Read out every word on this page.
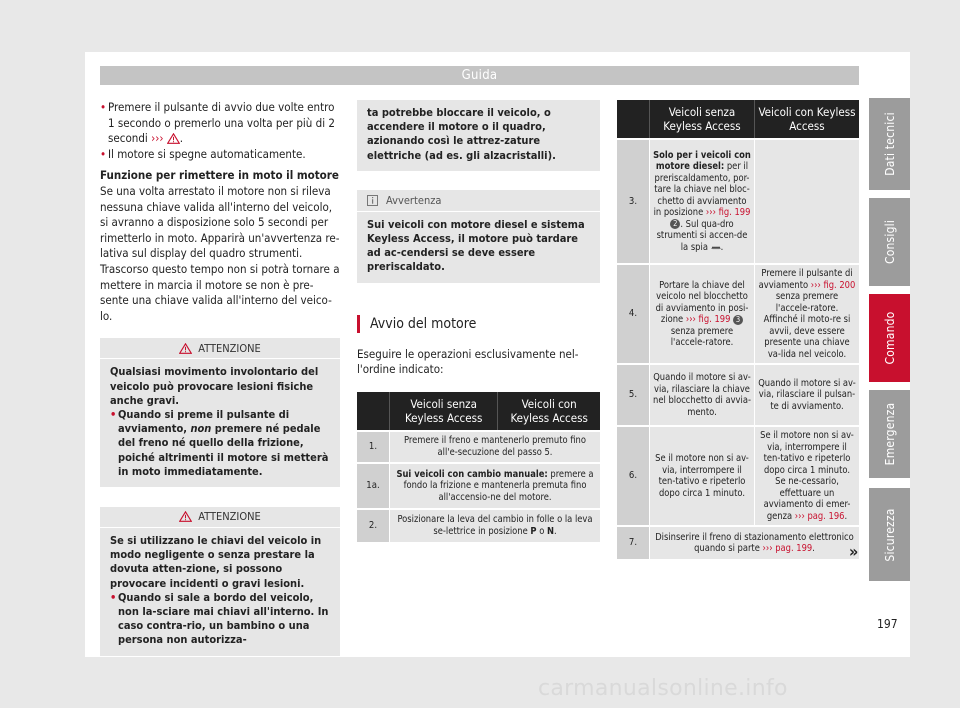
Guida

• Premere il pulsante di avvio due volte entro 1 secondo o premerlo una volta per più di 2 secondi ››› .

• Il motore si spegne automaticamente.

Funzione per rimettere in moto il motore

Se una volta arrestato il motore non si rileva nessuna chiave valida all'interno del veicolo, si avranno a disposizione solo 5 secondi per rimetterlo in moto. Apparirà un'avvertenza re-lativa sul display del quadro strumenti.

Trascorso questo tempo non si potrà tornare a mettere in marcia il motore se non è pre-sente una chiave valida all'interno del veico-lo.

ATTENZIONE

Qualsiasi movimento involontario del veicolo può provocare lesioni fisiche anche gravi.

• Quando si preme il pulsante di avviamento, non premere né pedale del freno né quello della frizione, poiché altrimenti il motore si metterà in moto immediatamente.

ATTENZIONE

Se si utilizzano le chiavi del veicolo in modo negligente o senza prestare la dovuta atten-zione, si possono provocare incidenti o gravi lesioni.

• Quando si sale a bordo del veicolo, non la-sciare mai chiavi all'interno. In caso contra-rio, un bambino o una persona non autorizza-

ta potrebbe bloccare il veicolo, o accendere il motore o il quadro, azionando così le attrez-zature elettriche (ad es. gli alzacristalli).

Avvertenza

Sui veicoli con motore diesel e sistema Keyless Access, il motore può tardare ad ac-cendersi se deve essere preriscaldato.

Avvio del motore

Eseguire le operazioni esclusivamente nel-l'ordine indicato:

	Veicoli senza Keyless Access	Veicoli con Keyless Access
1.	Premere il freno e mantenerlo premuto fino all'e-secuzione del passo 5.	
1a.	Sui veicoli con cambio manuale: premere a fondo la frizione e mantenerla premuta fino all'accensio-ne del motore.	
2.	Posizionare la leva del cambio in folle o la leva se-lettrice in posizione P o N.	
	Veicoli senza Keyless Access	Veicoli con Keyless Access
3.	Solo per i veicoli con motore diesel: per il preriscaldamento, por-tare la chiave nel bloc-chetto di avviamento in posizione ››› fig. 199 2 . Sul qua-dro strumenti si accen-de la spia .	
4.	Portare la chiave del veicolo nel blocchetto di avviamento in posi-zione ››› fig. 199 3 senza premere l'accele-ratore.	Premere il pulsante di avviamento ››› fig. 200 senza premere l'accele-ratore. Affinché il moto-re si avvii, deve essere presente una chiave va-lida nel veicolo.
5.	Quando il motore si av-via, rilasciare la chiave nel blocchetto di avvia-mento.	Quando il motore si av-via, rilasciare il pulsan-te di avviamento.
6.	Se il motore non si av-via, interrompere il ten-tativo e ripeterlo dopo circa 1 minuto.	Se il motore non si av-via, interrompere il ten-tativo e ripeterlo dopo circa 1 minuto. Se ne-cessario, effettuare un avviamento di emer-genza ››› pag. 196.
7.	Disinserire il freno di stazionamento elettronico quando si parte ››› pag. 199.	»
Dati tecnici
Consigli
Comando
Emergenza
Sicurezza
197
carmanualsonline.info
